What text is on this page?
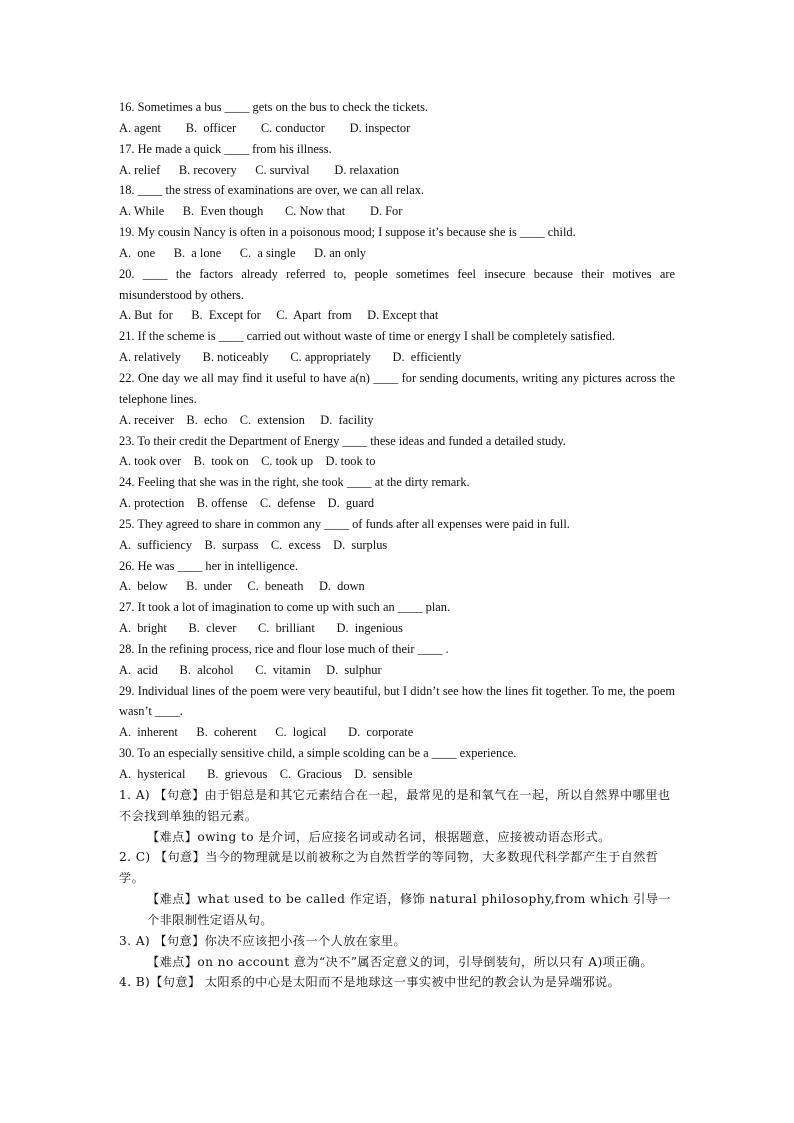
16. Sometimes a bus ____ gets on the bus to check the tickets.
A. agent        B.  officer        C. conductor        D. inspector
17. He made a quick ____ from his illness.
A. relief      B. recovery      C. survival        D. relaxation
18. ____ the stress of examinations are over, we can all relax.
A. While      B.  Even though       C. Now that        D. For
19. My cousin Nancy is often in a poisonous mood; I suppose it’s because she is ____ child.
A.  one      B.  a lone      C.  a single      D. an only
20. ____ the factors already referred to, people sometimes feel insecure because their motives are misunderstood by others.
A. But  for      B.  Except for     C.  Apart  from     D. Except that
21. If the scheme is ____ carried out without waste of time or energy I shall be completely satisfied.
A. relatively       B. noticeably       C. appropriately       D.  efficiently
22. One day we all may find it useful to have a(n) ____ for sending documents, writing any pictures across the telephone lines.
A. receiver    B.  echo    C.  extension     D.  facility
23. To their credit the Department of Energy ____ these ideas and funded a detailed study.
A. took over    B.  took on    C. took up    D. took to
24. Feeling that she was in the right, she took ____ at the dirty remark.
A. protection    B. offense    C.  defense    D.  guard
25. They agreed to share in common any ____ of funds after all expenses were paid in full.
A.  sufficiency    B.  surpass    C.  excess    D.  surplus
26. He was ____ her in intelligence.
A.  below      B.  under     C.  beneath     D.  down
27. It took a lot of imagination to come up with such an ____ plan.
A.  bright       B.  clever       C.  brilliant       D.  ingenious
28. In the refining process, rice and flour lose much of their ____ .
A.  acid       B.  alcohol       C.  vitamin     D.  sulphur
29. Individual lines of the poem were very beautiful, but I didn’t see how the lines fit together. To me, the poem wasn’t ____.
A.  inherent      B.  coherent      C.  logical       D.  corporate
30. To an especially sensitive child, a simple scolding can be a ____ experience.
A.  hysterical       B.  grievous    C.  Gracious    D.  sensible
1. A) 【句意】由于铝总是和其它元素结合在一起，最常见的是和氧气在一起，所以自然界中哪里也不会找到单独的铝元素。
【难点】owing to 是介词，后应接名词或动名词，根据题意，应接被动语态形式。
2. C) 【句意】当今的物理就是以前被称之为自然哲学的等同物，大多数现代科学都产生于自然哲学。
【难点】what used to be called 作定语，修饰 natural philosophy,from which 引导一个非限制性定语从句。
3. A) 【句意】你决不应该把小孩一个人放在家里。
【难点】on no account 意为“决不”属否定意义的词，引导倒装句，所以只有 A)项正确。
4. B)【句意】 太阳系的中心是太阳而不是地球这一事实被中世纪的教会认为是异端邪说。
